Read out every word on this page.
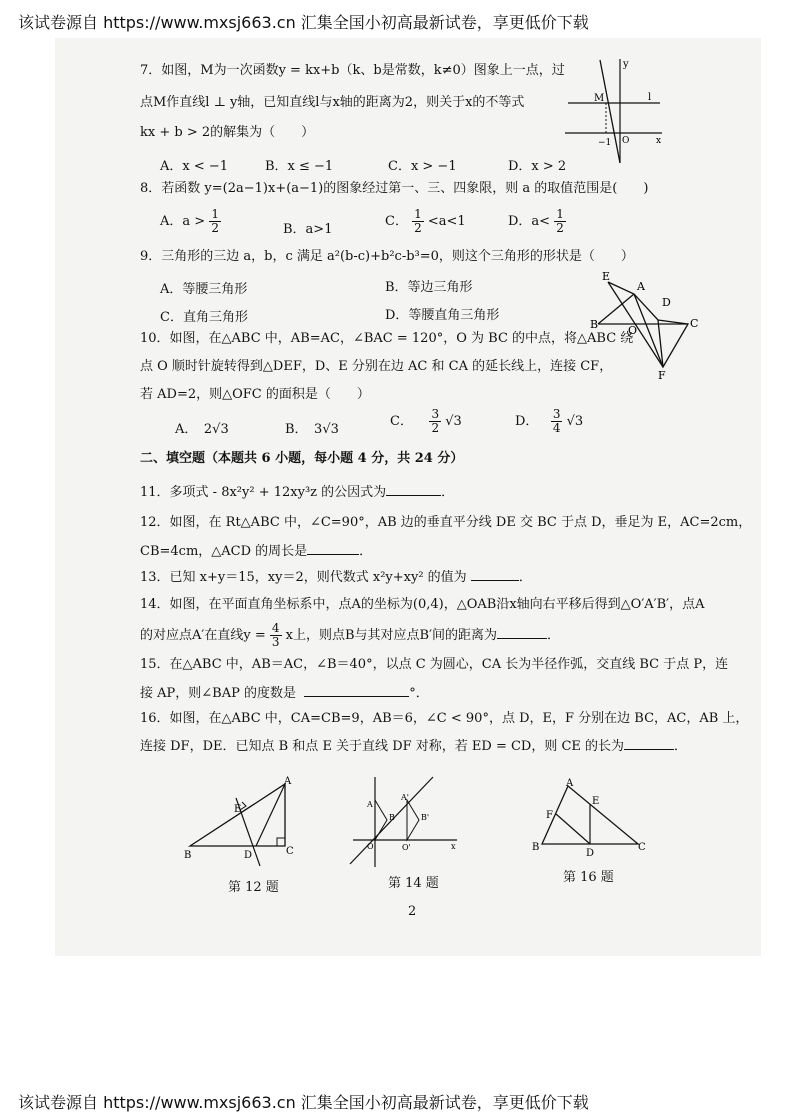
该试卷源自 https://www.mxsj663.cn 汇集全国小初高最新试卷，享更低价下载
7．如图，M为一次函数y = kx+b（k、b是常数，k≠0）图象上一点，过
点M作直线l ⊥ y轴，已知直线l与x轴的距离为2，则关于x的不等式
kx + b > 2的解集为（　　）
A．x < −1	B．x ≤ −1	C．x > −1	D．x > 2
y
M	l
−1 O	x
8．若函数 y=(2a−1)x+(a−1)的图象经过第一、三、四象限，则 a 的取值范围是(　　)
A．$a > \frac{1}{2}$	B．a>1
C． $\frac{1}{2} <a<1$	D．$a< \frac{1}{2}$
9．三角形的三边 a，b，c 满足 a²(b-c)+b²c-b³=0，则这个三角形的形状是（　　）
A．等腰三角形	B．等边三角形
C．直角三角形	D．等腰直角三角形
E
A
D
B	O
C
F
10．如图，在△ABC 中，AB=AC，∠BAC = 120°，O 为 BC 的中点，将△ABC 绕
点 O 顺时针旋转得到△DEF，D、E 分别在边 AC 和 CA 的延长线上，连接 CF，
若 AD=2，则△OFC 的面积是（　　）
A．　2√3	B．　3√3
C． $\frac{3}{2} √3$	D． $\frac{3}{4} √3$
二、填空题（本题共 6 小题，每小题 4 分，共 24 分）
11．多项式 - 8x²y² + 12xy³z 的公因式为	．
12．如图，在 Rt△ABC 中，∠C=90°，AB 边的垂直平分线 DE 交 BC 于点 D，垂足为 E，AC=2cm，
CB=4cm，△ACD 的周长是	．
13．已知 x+y＝15，xy＝2，则代数式 x²y+xy² 的值为	．
14．如图，在平面直角坐标系中，点A的坐标为(0,4)，△OAB沿x轴向右平移后得到△O′A′B′，点A
的对应点A′在直线$y = \frac{4}{3}$ x上，则点B与其对应点B′间的距离为	．
15．在△ABC 中，AB＝AC，∠B＝40°，以点 C 为圆心，CA 长为半径作弧，交直线 BC 于点 P，连
接 AP，则∠BAP 的度数是	°．
16．如图，在△ABC 中，CA=CB=9，AB＝6，∠C < 90°，点 D，E，F 分别在边 BC，AC，AB 上，
连接 DF，DE．已知点 B 和点 E 关于直线 DF 对称，若 ED = CD，则 CE 的长为	．
A
E
B	D	C
第 12 题
A
A'
B	B'
O	O'	x
第 14 题
A
E
F
B
D
C
第 16 题
2
该试卷源自 https://www.mxsj663.cn 汇集全国小初高最新试卷，享更低价下载
